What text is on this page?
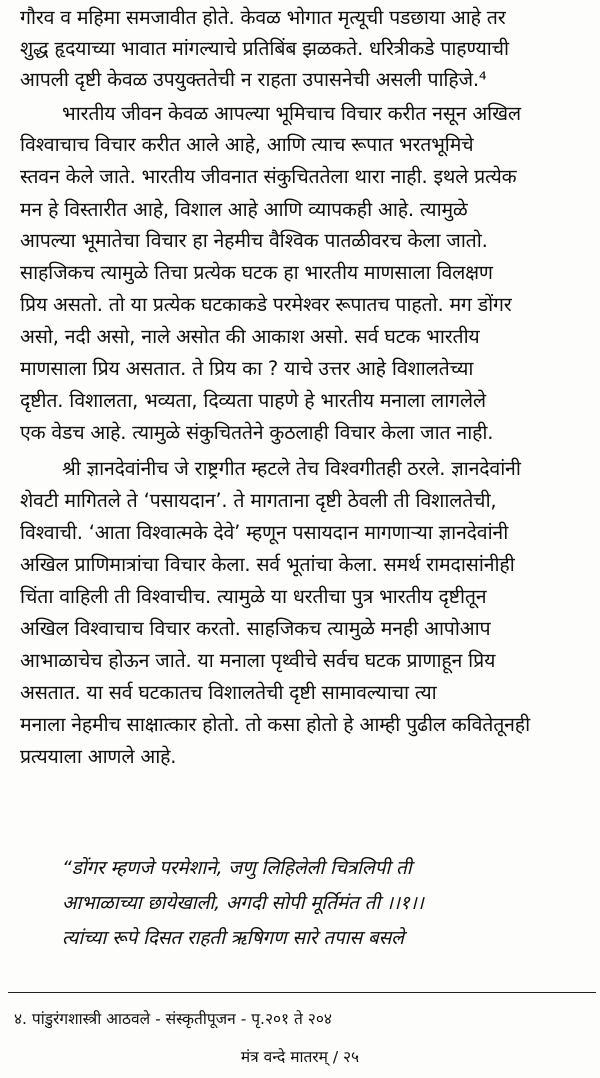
गौरव व महिमा समजावीत होते. केवळ भोगात मृत्यूची पडछाया आहे तर
शुद्ध हृदयाच्या भावात मांगल्याचे प्रतिबिंब झळकते. धरित्रीकडे पाहण्याची
आपली दृष्टी केवळ उपयुक्ततेची न राहता उपासनेची असली पाहिजे.⁴
भारतीय जीवन केवळ आपल्या भूमिचाच विचार करीत नसून अखिल
विश्वाचाच विचार करीत आले आहे, आणि त्याच रूपात भरतभूमिचे
स्तवन केले जाते. भारतीय जीवनात संकुचिततेला थारा नाही. इथले प्रत्येक
मन हे विस्तारीत आहे, विशाल आहे आणि व्यापकही आहे. त्यामुळे
आपल्या भूमातेचा विचार हा नेहमीच वैश्विक पातळीवरच केला जातो.
साहजिकच त्यामुळे तिचा प्रत्येक घटक हा भारतीय माणसाला विलक्षण
प्रिय असतो. तो या प्रत्येक घटकाकडे परमेश्वर रूपातच पाहतो. मग डोंगर
असो, नदी असो, नाले असोत की आकाश असो. सर्व घटक भारतीय
माणसाला प्रिय असतात. ते प्रिय का ? याचे उत्तर आहे विशालतेच्या
दृष्टीत. विशालता, भव्यता, दिव्यता पाहणे हे भारतीय मनाला लागलेले
एक वेडच आहे. त्यामुळे संकुचिततेने कुठलाही विचार केला जात नाही.
श्री ज्ञानदेवांनीच जे राष्ट्रगीत म्हटले तेच विश्वगीतही ठरले. ज्ञानदेवांनी
शेवटी मागितले ते ‘पसायदान’. ते मागताना दृष्टी ठेवली ती विशालतेची,
विश्वाची. ‘आता विश्वात्मके देवे’ म्हणून पसायदान मागणाऱ्या ज्ञानदेवांनी
अखिल प्राणिमात्रांचा विचार केला. सर्व भूतांचा केला. समर्थ रामदासांनीही
चिंता वाहिली ती विश्वाचीच. त्यामुळे या धरतीचा पुत्र भारतीय दृष्टीतून
अखिल विश्वाचाच विचार करतो. साहजिकच त्यामुळे मनही आपोआप
आभाळाचेच होऊन जाते. या मनाला पृथ्वीचे सर्वच घटक प्राणाहून प्रिय
असतात. या सर्व घटकातच विशालतेची दृष्टी सामावल्याचा त्या
मनाला नेहमीच साक्षात्कार होतो. तो कसा होतो हे आम्ही पुढील कवितेतूनही
प्रत्ययाला आणले आहे.
“डोंगर म्हणजे परमेशाने, जणु लिहिलेली चित्रलिपी ती
आभाळाच्या छायेखाली, अगदी सोपी मूर्तिमंत ती ।।१।।
त्यांच्या रूपे दिसत राहती ऋषिगण सारे तपास बसले
४. पांडुरंगशास्त्री आठवले - संस्कृतीपूजन - पृ.२०१ ते २०४
मंत्र वन्दे मातरम् / २५
